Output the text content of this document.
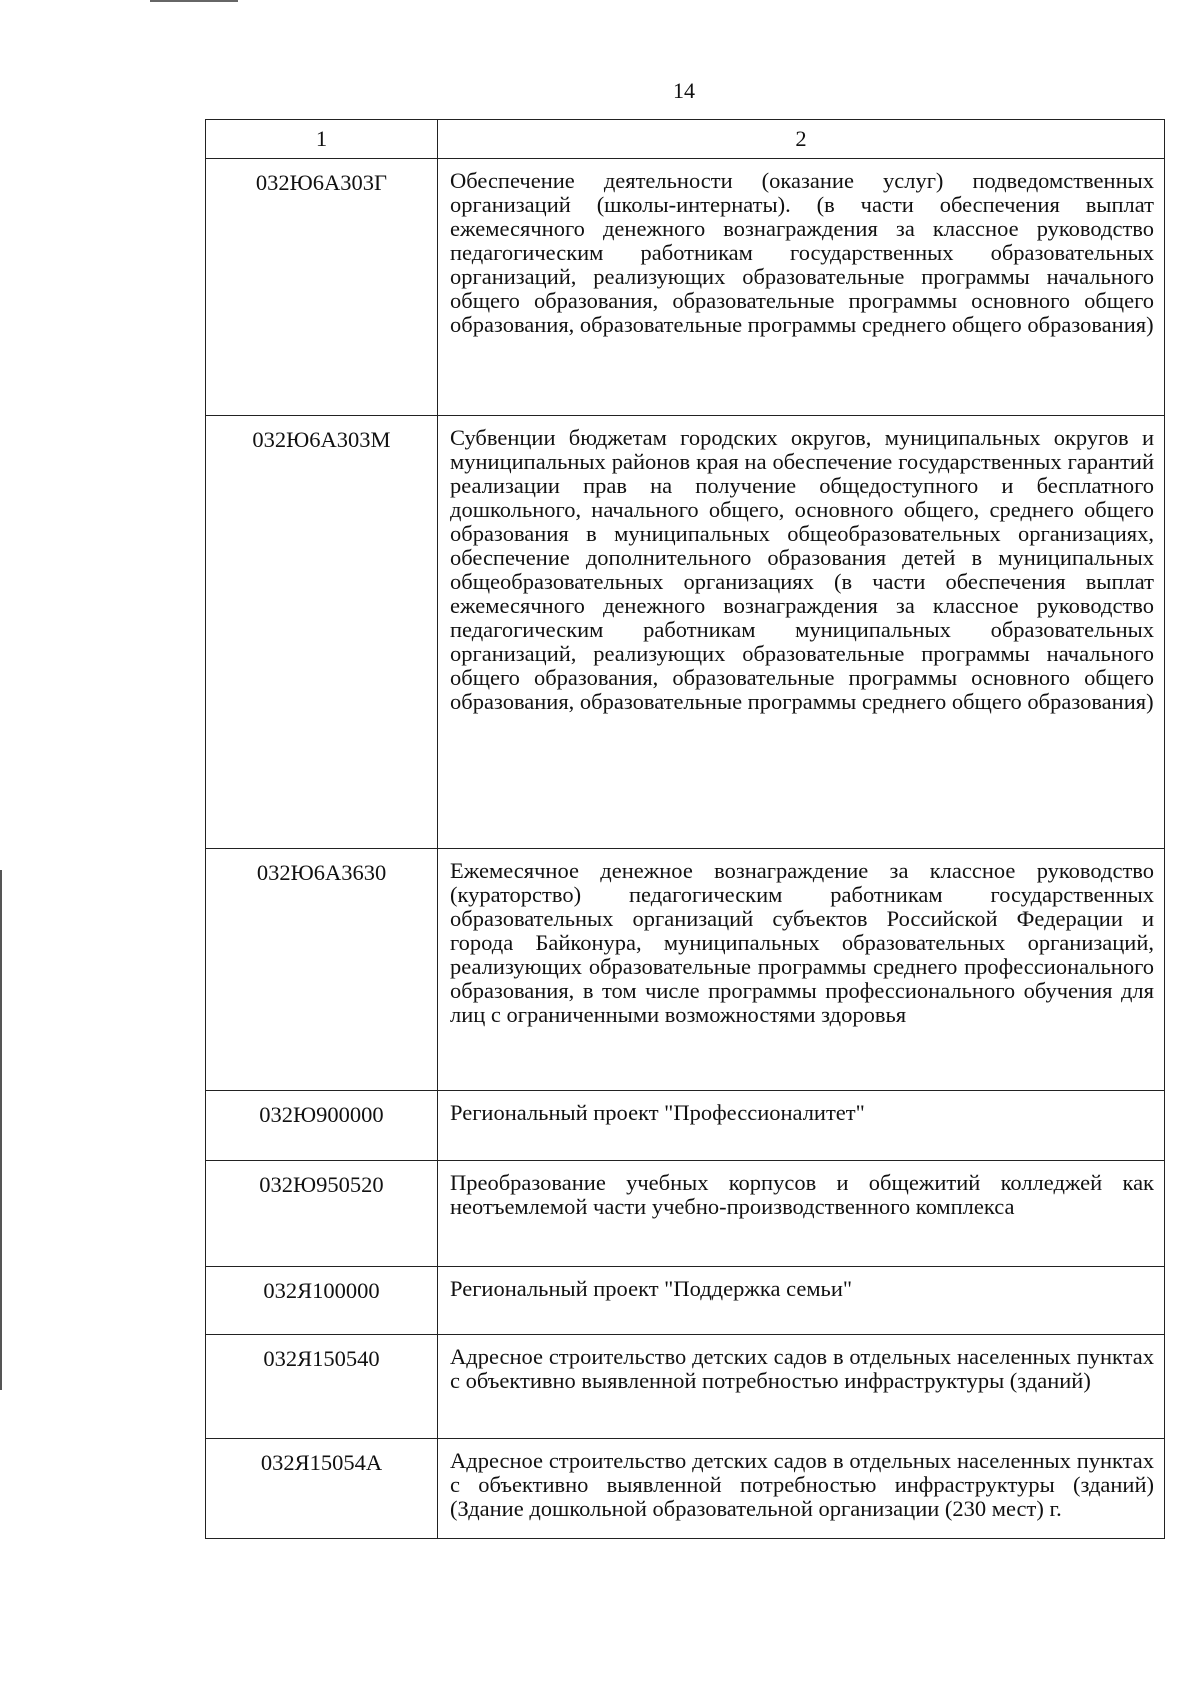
14
1	2
032Ю6А303Г	Обеспечение деятельности (оказание услуг) подведомственных организаций (школы-интернаты). (в части обеспечения выплат ежемесячного денежного вознаграждения за классное руководство педагогическим работникам государственных образовательных организаций, реализующих образовательные программы начального общего образования, образовательные программы основного общего образования, образовательные программы среднего общего образования)
032Ю6А303М	Субвенции бюджетам городских округов, муниципальных округов и муниципальных районов края на обеспечение государственных гарантий реализации прав на получение общедоступного и бесплатного дошкольного, начального общего, основного общего, среднего общего образования в муниципальных общеобразовательных организациях, обеспечение дополнительного образования детей в муниципальных общеобразовательных организациях (в части обеспечения выплат ежемесячного денежного вознаграждения за классное руководство педагогическим работникам муниципальных образовательных организаций, реализующих образовательные программы начального общего образования, образовательные программы основного общего образования, образовательные программы среднего общего образования)
032Ю6А3630	Ежемесячное денежное вознаграждение за классное руководство (кураторство) педагогическим работникам государственных образовательных организаций субъектов Российской Федерации и города Байконура, муниципальных образовательных организаций, реализующих образовательные программы среднего профессионального образования, в том числе программы профессионального обучения для лиц с ограниченными возможностями здоровья
032Ю900000	Региональный проект "Профессионалитет"
032Ю950520	Преобразование учебных корпусов и общежитий колледжей как неотъемлемой части учебно-производственного комплекса
032Я100000	Региональный проект "Поддержка семьи"
032Я150540	Адресное строительство детских садов в отдельных населенных пунктах с объективно выявленной потребностью инфраструктуры (зданий)
032Я15054А	Адресное строительство детских садов в отдельных населенных пунктах с объективно выявленной потребностью инфраструктуры (зданий) (Здание дошкольной образовательной организации (230 мест) г.
